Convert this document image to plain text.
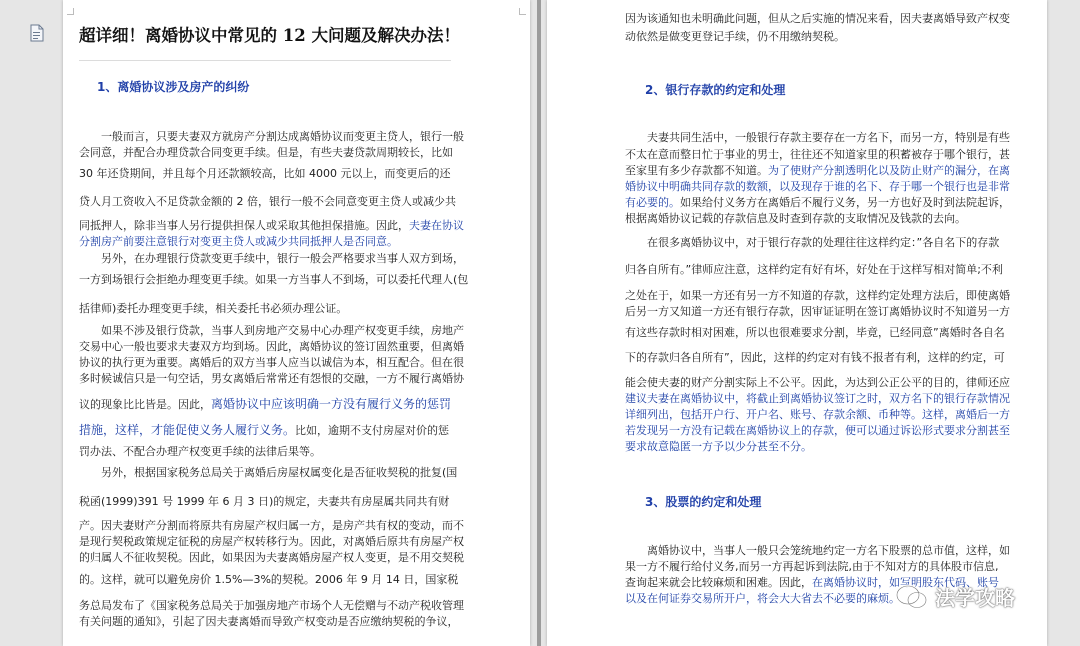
超详细！离婚协议中常见的 12 大问题及解决办法！
1、离婚协议涉及房产的纠纷
一般而言，只要夫妻双方就房产分割达成离婚协议而变更主贷人，银行一般
会同意，并配合办理贷款合同变更手续。但是，有些夫妻贷款周期较长，比如
30 年还贷期间，并且每个月还款额较高，比如 4000 元以上，而变更后的还
贷人月工资收入不足贷款金额的 2 倍，银行一般不会同意变更主贷人或减少共
同抵押人，除非当事人另行提供担保人或采取其他担保措施。因此，夫妻在协议
分割房产前要注意银行对变更主贷人或减少共同抵押人是否同意。
另外，在办理银行贷款变更手续中，银行一般会严格要求当事人双方到场，
一方到场银行会拒绝办理变更手续。如果一方当事人不到场，可以委托代理人(包
括律师)委托办理变更手续，相关委托书必须办理公证。
如果不涉及银行贷款，当事人到房地产交易中心办理产权变更手续，房地产
交易中心一般也要求夫妻双方均到场。因此，离婚协议的签订固然重要，但离婚
协议的执行更为重要。离婚后的双方当事人应当以诚信为本，相互配合。但在很
多时候诚信只是一句空话，男女离婚后常常还有怨恨的交融，一方不履行离婚协
议的现象比比皆是。因此，离婚协议中应该明确一方没有履行义务的惩罚
措施，这样，才能促使义务人履行义务。比如，逾期不支付房屋对价的惩
罚办法、不配合办理产权变更手续的法律后果等。
另外，根据国家税务总局关于离婚后房屋权属变化是否征收契税的批复(国
税函(1999)391 号 1999 年 6 月 3 日)的规定，夫妻共有房屋属共同共有财
产。因夫妻财产分割而将原共有房屋产权归属一方，是房产共有权的变动，而不
是现行契税政策规定征税的房屋产权转移行为。因此，对离婚后原共有房屋产权
的归属人不征收契税。因此，如果因为夫妻离婚房屋产权人变更，是不用交契税
的。这样，就可以避免房价 1.5%—3%的契税。2006 年 9 月 14 日，国家税
务总局发布了《国家税务总局关于加强房地产市场个人无偿赠与不动产税收管理
有关问题的通知》，引起了因夫妻离婚而导致产权变动是否应缴纳契税的争议，
因为该通知也未明确此问题，但从之后实施的情况来看，因夫妻离婚导致产权变
动依然是做变更登记手续，仍不用缴纳契税。
2、银行存款的约定和处理
夫妻共同生活中，一般银行存款主要存在一方名下，而另一方，特别是有些
不太在意而整日忙于事业的男士，往往还不知道家里的积蓄被存于哪个银行，甚
至家里有多少存款都不知道。为了使财产分割透明化以及防止财产的漏分，在离
婚协议中明确共同存款的数额，以及现存于谁的名下、存于哪一个银行也是非常
有必要的。如果给付义务方在离婚后不履行义务，另一方也好及时到法院起诉，
根据离婚协议记载的存款信息及时查到存款的支取情况及钱款的去向。
在很多离婚协议中，对于银行存款的处理往往这样约定：”各自名下的存款
归各自所有。”律师应注意，这样约定有好有坏，好处在于这样写相对简单;不利
之处在于，如果一方还有另一方不知道的存款，这样约定处理方法后，即使离婚
后另一方又知道一方还有银行存款，因审证证明在签订离婚协议时不知道另一方
有这些存款时相对困难，所以也很难要求分割，毕竟，已经同意”离婚时各自名
下的存款归各自所有”，因此，这样的约定对有钱不报者有利，这样的约定，可
能会使夫妻的财产分割实际上不公平。因此，为达到公正公平的目的，律师还应
建议夫妻在离婚协议中，将截止到离婚协议签订之时，双方名下的银行存款情况
详细列出，包括开户行、开户名、账号、存款余额、币种等。这样，离婚后一方
若发现另一方没有记载在离婚协议上的存款，便可以通过诉讼形式要求分割甚至
要求故意隐匿一方予以少分甚至不分。
3、股票的约定和处理
离婚协议中，当事人一般只会笼统地约定一方名下股票的总市值，这样，如
果一方不履行给付义务,而另一方再起诉到法院,由于不知对方的具体股市信息,
查询起来就会比较麻烦和困难。因此，在离婚协议时，如写明股东代码、账号
以及在何证券交易所开户，将会大大省去不必要的麻烦。 法学攻略
